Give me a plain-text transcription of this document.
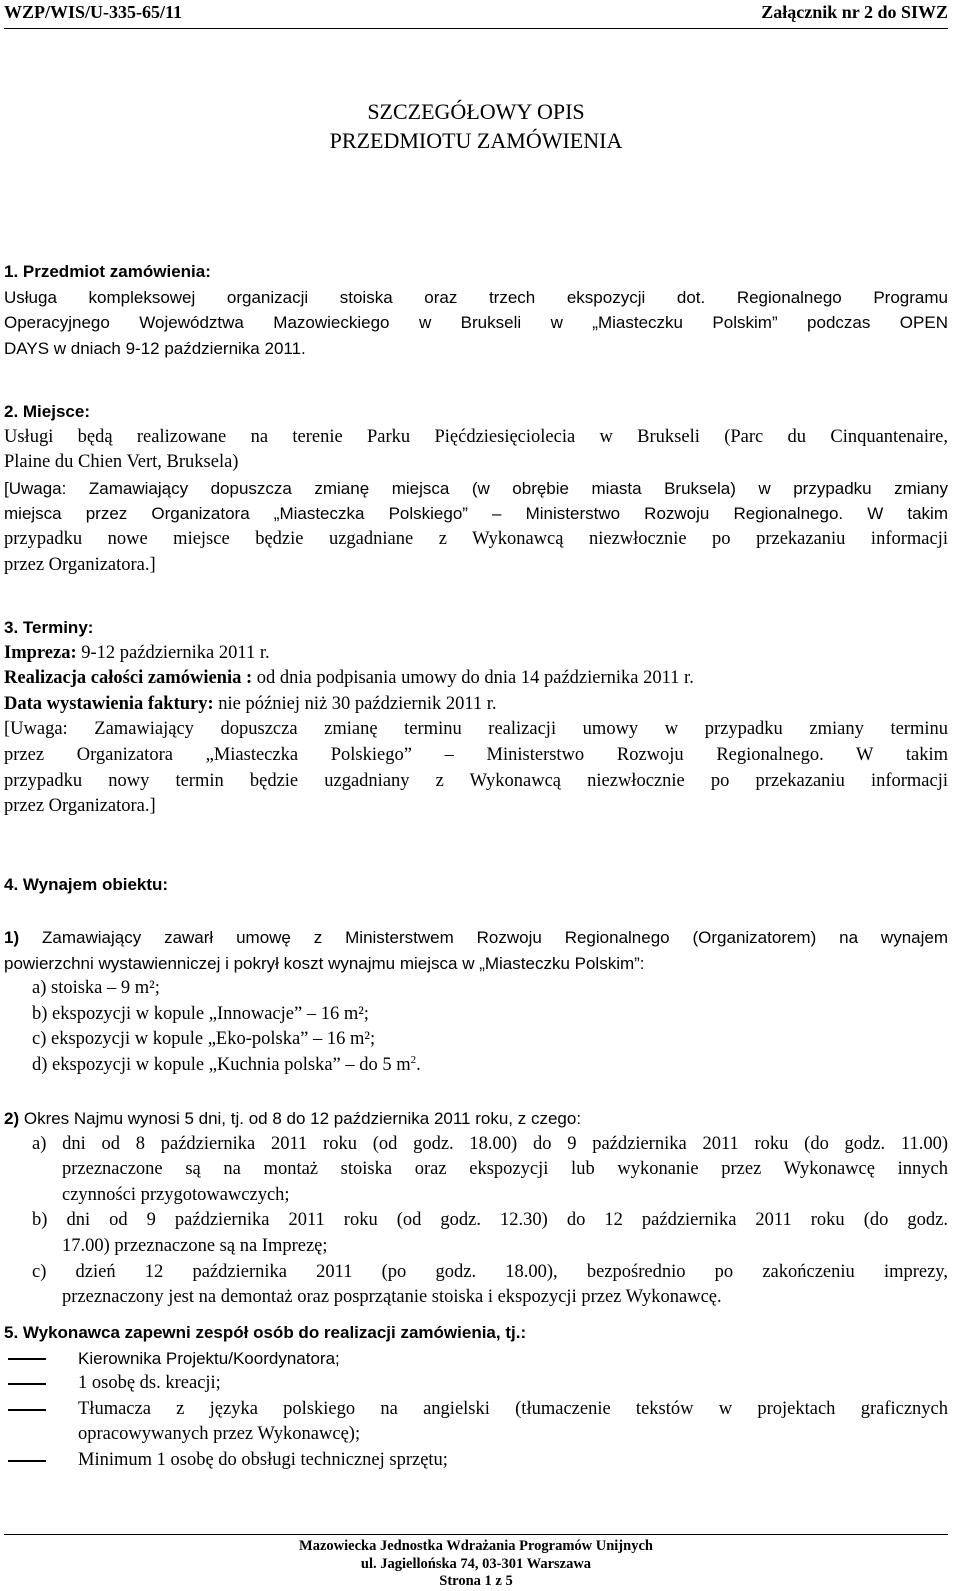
WZP/WIS/U-335-65/11	Załącznik nr 2 do SIWZ
SZCZEGÓŁOWY OPIS
PRZEDMIOTU ZAMÓWIENIA
1. Przedmiot zamówienia:
Usługa kompleksowej organizacji stoiska oraz trzech ekspozycji dot. Regionalnego Programu
Operacyjnego Województwa Mazowieckiego w Brukseli w „Miasteczku Polskim” podczas OPEN
DAYS w dniach 9-12 października 2011.
2. Miejsce:
Usługi będą realizowane na terenie Parku Pięćdziesięciolecia w Brukseli (Parc du Cinquantenaire,
Plaine du Chien Vert, Bruksela)
[Uwaga: Zamawiający dopuszcza zmianę miejsca (w obrębie miasta Bruksela) w przypadku zmiany
miejsca przez Organizatora „Miasteczka Polskiego” – Ministerstwo Rozwoju Regionalnego. W takim
przypadku nowe miejsce będzie uzgadniane z Wykonawcą niezwłocznie po przekazaniu informacji
przez Organizatora.]
3. Terminy:
Impreza: 9-12 października 2011 r.
Realizacja całości zamówienia : od dnia podpisania umowy do dnia 14 października 2011 r.
Data wystawienia faktury: nie później niż 30 październik 2011 r.
[Uwaga: Zamawiający dopuszcza zmianę terminu realizacji umowy w przypadku zmiany terminu
przez Organizatora „Miasteczka Polskiego” – Ministerstwo Rozwoju Regionalnego. W takim
przypadku nowy termin będzie uzgadniany z Wykonawcą niezwłocznie po przekazaniu informacji
przez Organizatora.]
4. Wynajem obiektu:
1) Zamawiający zawarł umowę z Ministerstwem Rozwoju Regionalnego (Organizatorem) na wynajem
powierzchni wystawienniczej i pokrył koszt wynajmu miejsca w „Miasteczku Polskim”:
a) stoiska – 9 m²;
b) ekspozycji w kopule „Innowacje” – 16 m²;
c) ekspozycji w kopule „Eko-polska” – 16 m²;
d) ekspozycji w kopule „Kuchnia polska” – do 5 $m^2$.
2) Okres Najmu wynosi 5 dni, tj. od 8 do 12 października 2011 roku, z czego:
a) dni od 8 października 2011 roku (od godz. 18.00) do 9 października 2011 roku (do godz. 11.00)
przeznaczone są na montaż stoiska oraz ekspozycji lub wykonanie przez Wykonawcę innych
czynności przygotowawczych;
b) dni od 9 października 2011 roku (od godz. 12.30) do 12 października 2011 roku (do godz.
17.00) przeznaczone są na Imprezę;
c) dzień 12 października 2011 (po godz. 18.00), bezpośrednio po zakończeniu imprezy,
przeznaczony jest na demontaż oraz posprzątanie stoiska i ekspozycji przez Wykonawcę.
5. Wykonawca zapewni zespół osób do realizacji zamówienia, tj.:
Kierownika Projektu/Koordynatora;
1 osobę ds. kreacji;
Tłumacza z języka polskiego na angielski (tłumaczenie tekstów w projektach graficznych
opracowywanych przez Wykonawcę);
Minimum 1 osobę do obsługi technicznej sprzętu;
Mazowiecka Jednostka Wdrażania Programów Unijnych
ul. Jagiellońska 74, 03-301 Warszawa
Strona 1 z 5
